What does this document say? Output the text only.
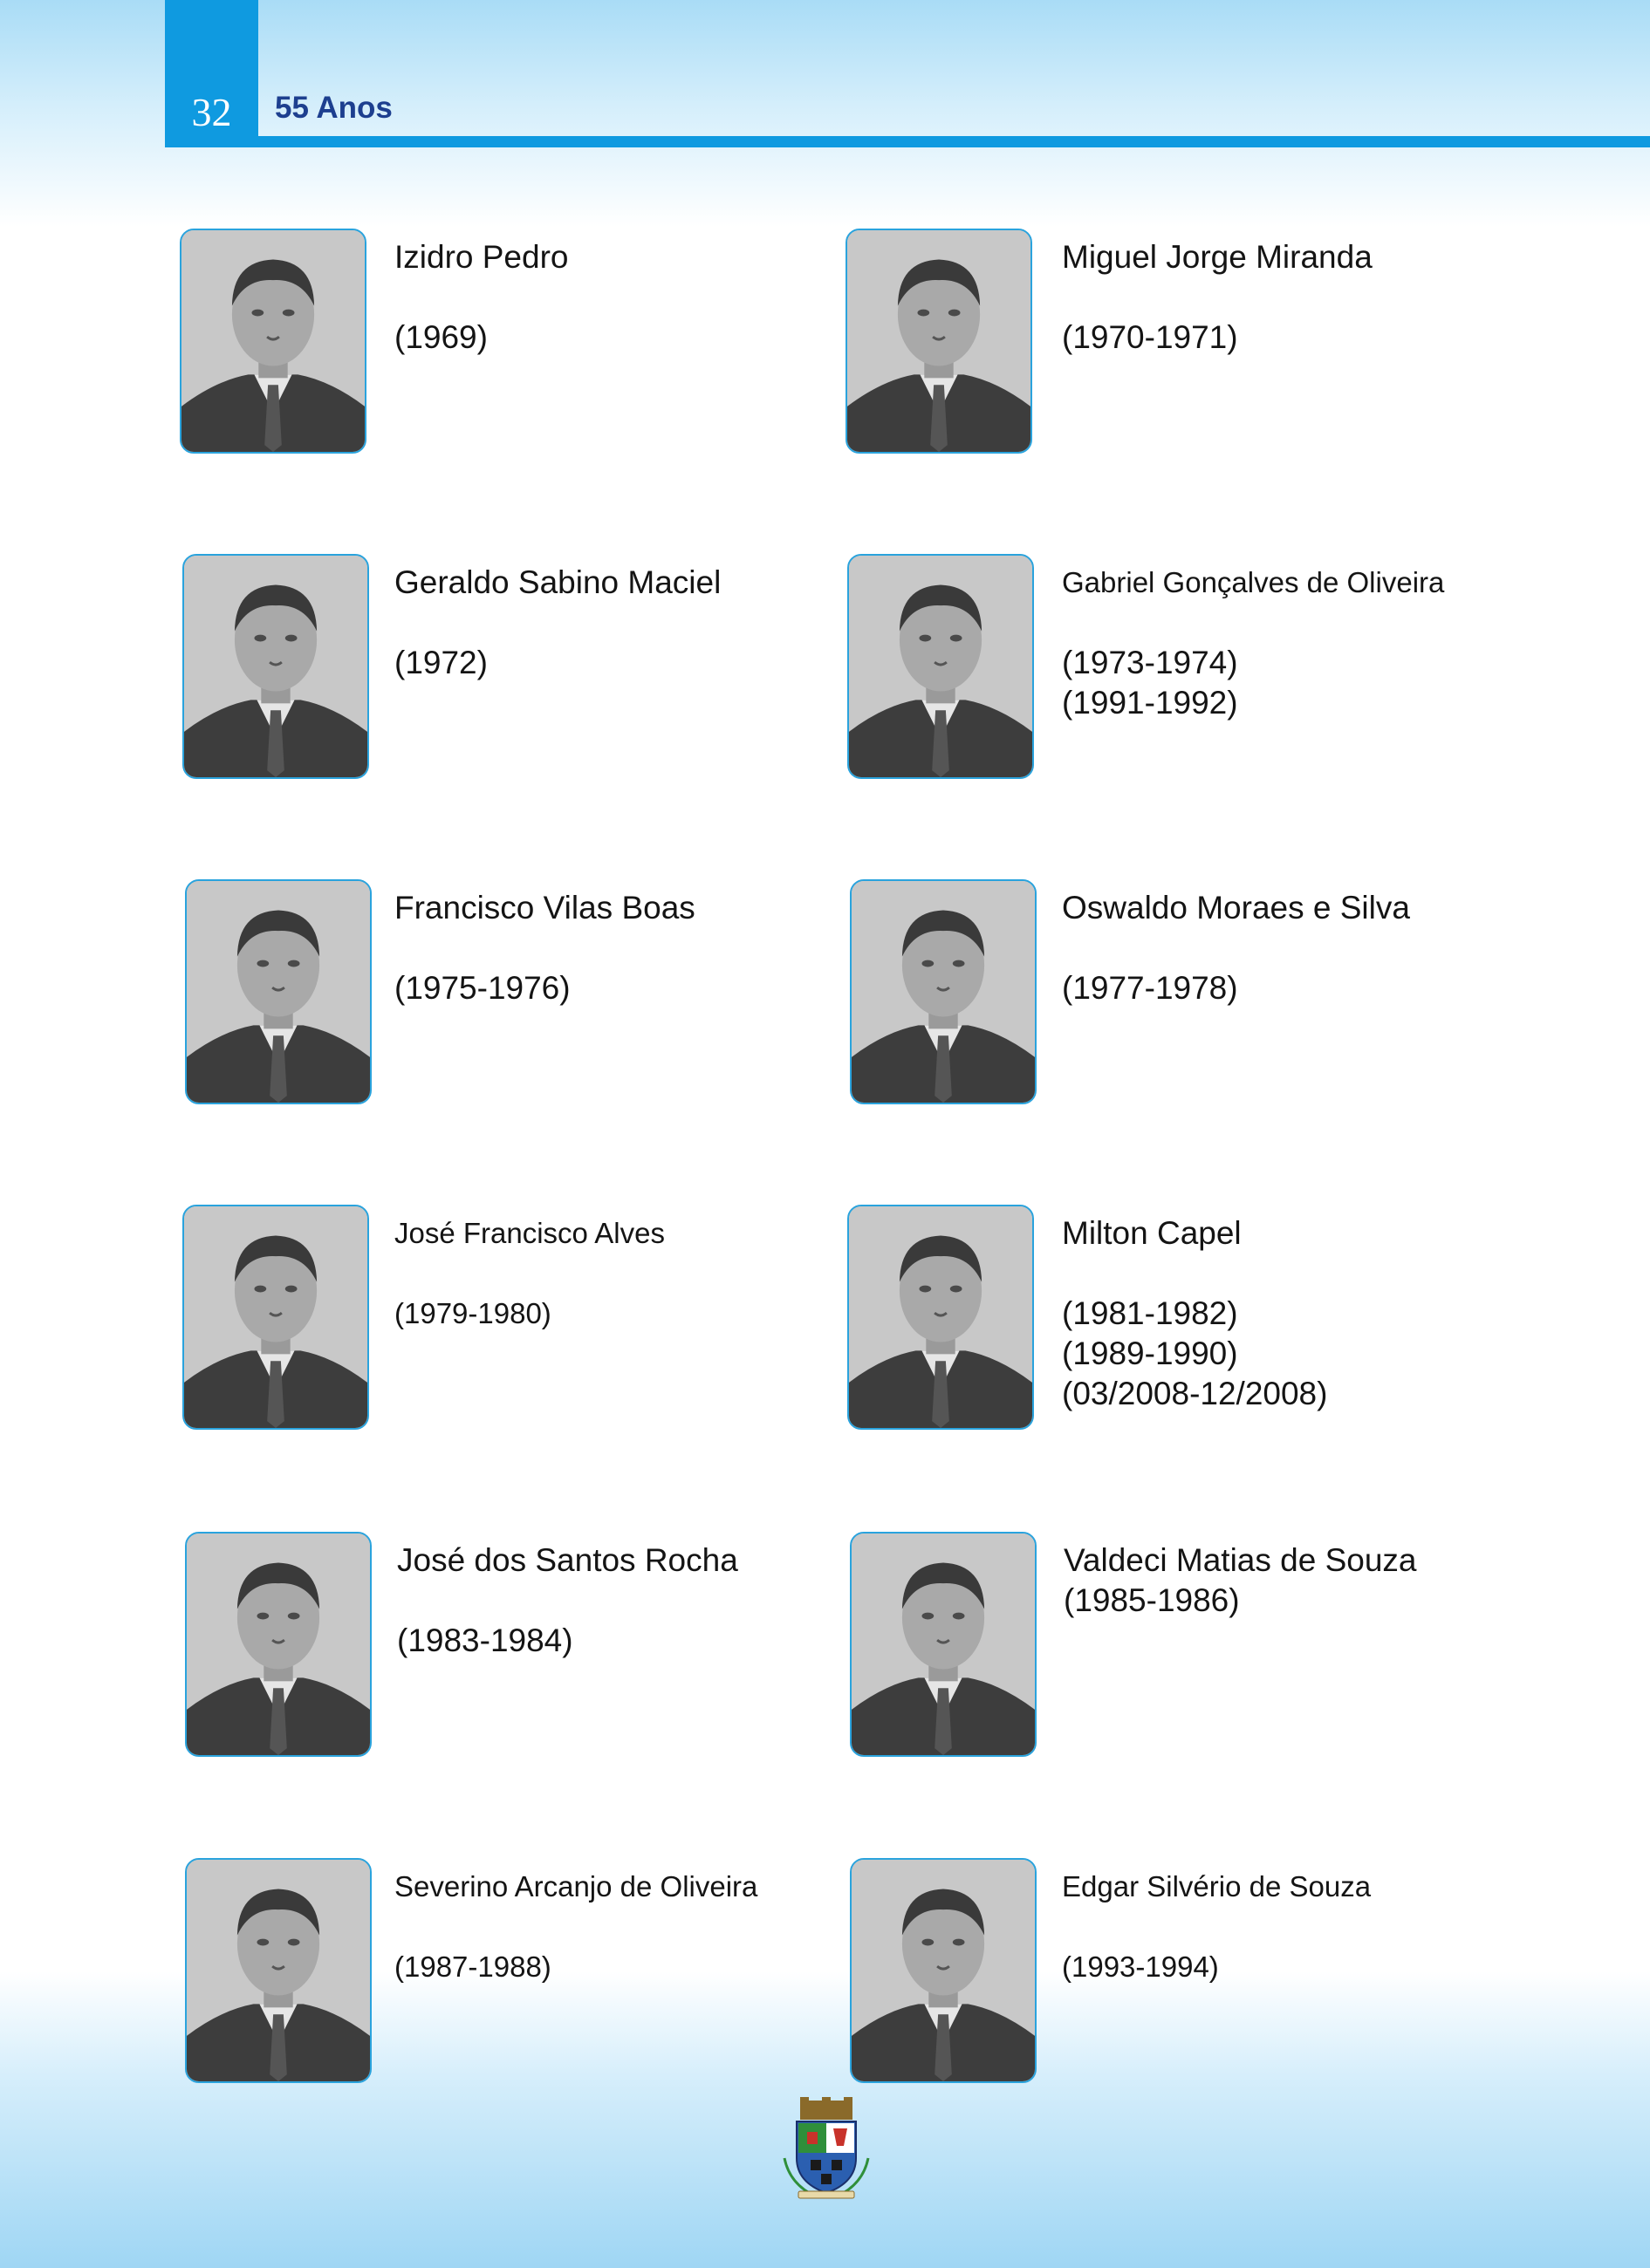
32 55 Anos
Izidro Pedro
(1969)
Miguel Jorge Miranda
(1970-1971)
Geraldo Sabino Maciel
(1972)
Gabriel Gonçalves de Oliveira
(1973-1974)
(1991-1992)
Francisco Vilas Boas
(1975-1976)
Oswaldo Moraes e Silva
(1977-1978)
José Francisco Alves
(1979-1980)
Milton Capel
(1981-1982)
(1989-1990)
(03/2008-12/2008)
José dos Santos Rocha
(1983-1984)
Valdeci Matias de Souza
(1985-1986)
Severino Arcanjo de Oliveira
(1987-1988)
Edgar Silvério de Souza
(1993-1994)
